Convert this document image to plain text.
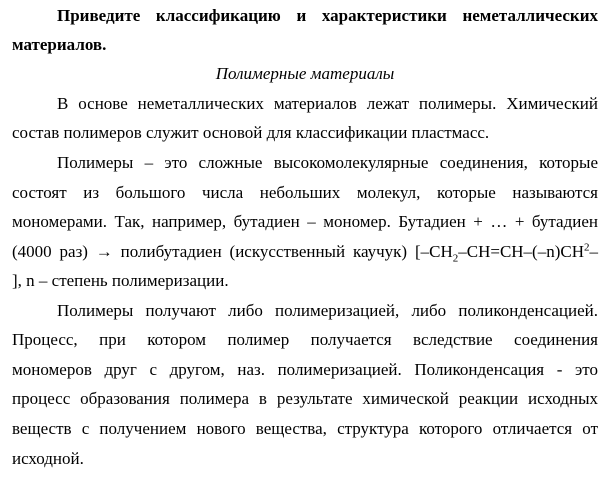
Приведите классификацию и характеристики неметаллических
материалов.
Полимерные материалы
В основе неметаллических материалов лежат полимеры. Химический
состав полимеров служит основой для классификации пластмасс.
Полимеры – это сложные высокомолекулярные соединения, которые
состоят из большого числа небольших молекул, которые называются
мономерами. Так, например, бутадиен – мономер. Бутадиен + … + бутадиен
(4000 раз) → полибутадиен (искусственный каучук) [$-CH_2-CH=CH-(-n)CH^2-$
], n – степень полимеризации.
Полимеры получают либо полимеризацией, либо поликонденсацией.
Процесс, при котором полимер получается вследствие соединения
мономеров друг с другом, наз. полимеризацией. Поликонденсация - это
процесс образования полимера в результате химической реакции исходных
веществ с получением нового вещества, структура которого отличается от
исходной.
